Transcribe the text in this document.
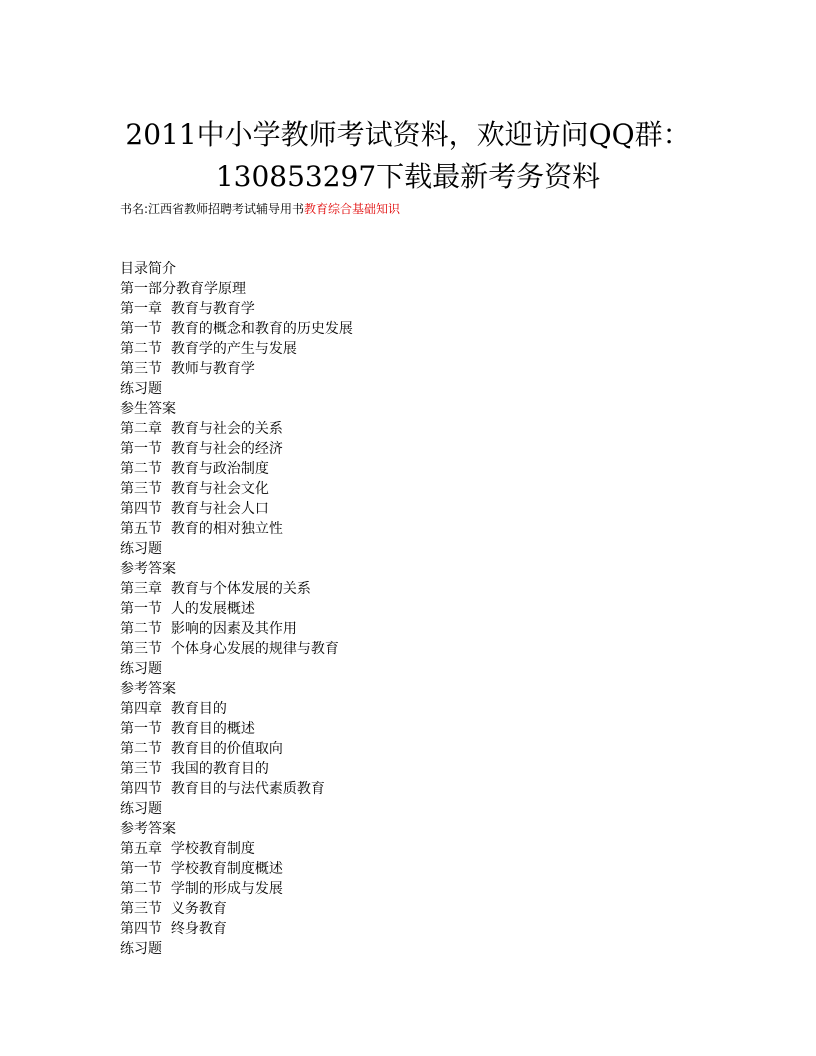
2011中小学教师考试资料，欢迎访问QQ群：
130853297下载最新考务资料
书名:江西省教师招聘考试辅导用书教育综合基础知识
目录简介
第一部分教育学原理
第一章  教育与教育学
第一节  教育的概念和教育的历史发展
第二节  教育学的产生与发展
第三节  教师与教育学
练习题
参生答案
第二章  教育与社会的关系
第一节  教育与社会的经济
第二节  教育与政治制度
第三节  教育与社会文化
第四节  教育与社会人口
第五节  教育的相对独立性
练习题
参考答案
第三章  教育与个体发展的关系
第一节  人的发展概述
第二节  影响的因素及其作用
第三节  个体身心发展的规律与教育
练习题
参考答案
第四章  教育目的
第一节  教育目的概述
第二节  教育目的价值取向
第三节  我国的教育目的
第四节  教育目的与法代素质教育
练习题
参考答案
第五章  学校教育制度
第一节  学校教育制度概述
第二节  学制的形成与发展
第三节  义务教育
第四节  终身教育
练习题
